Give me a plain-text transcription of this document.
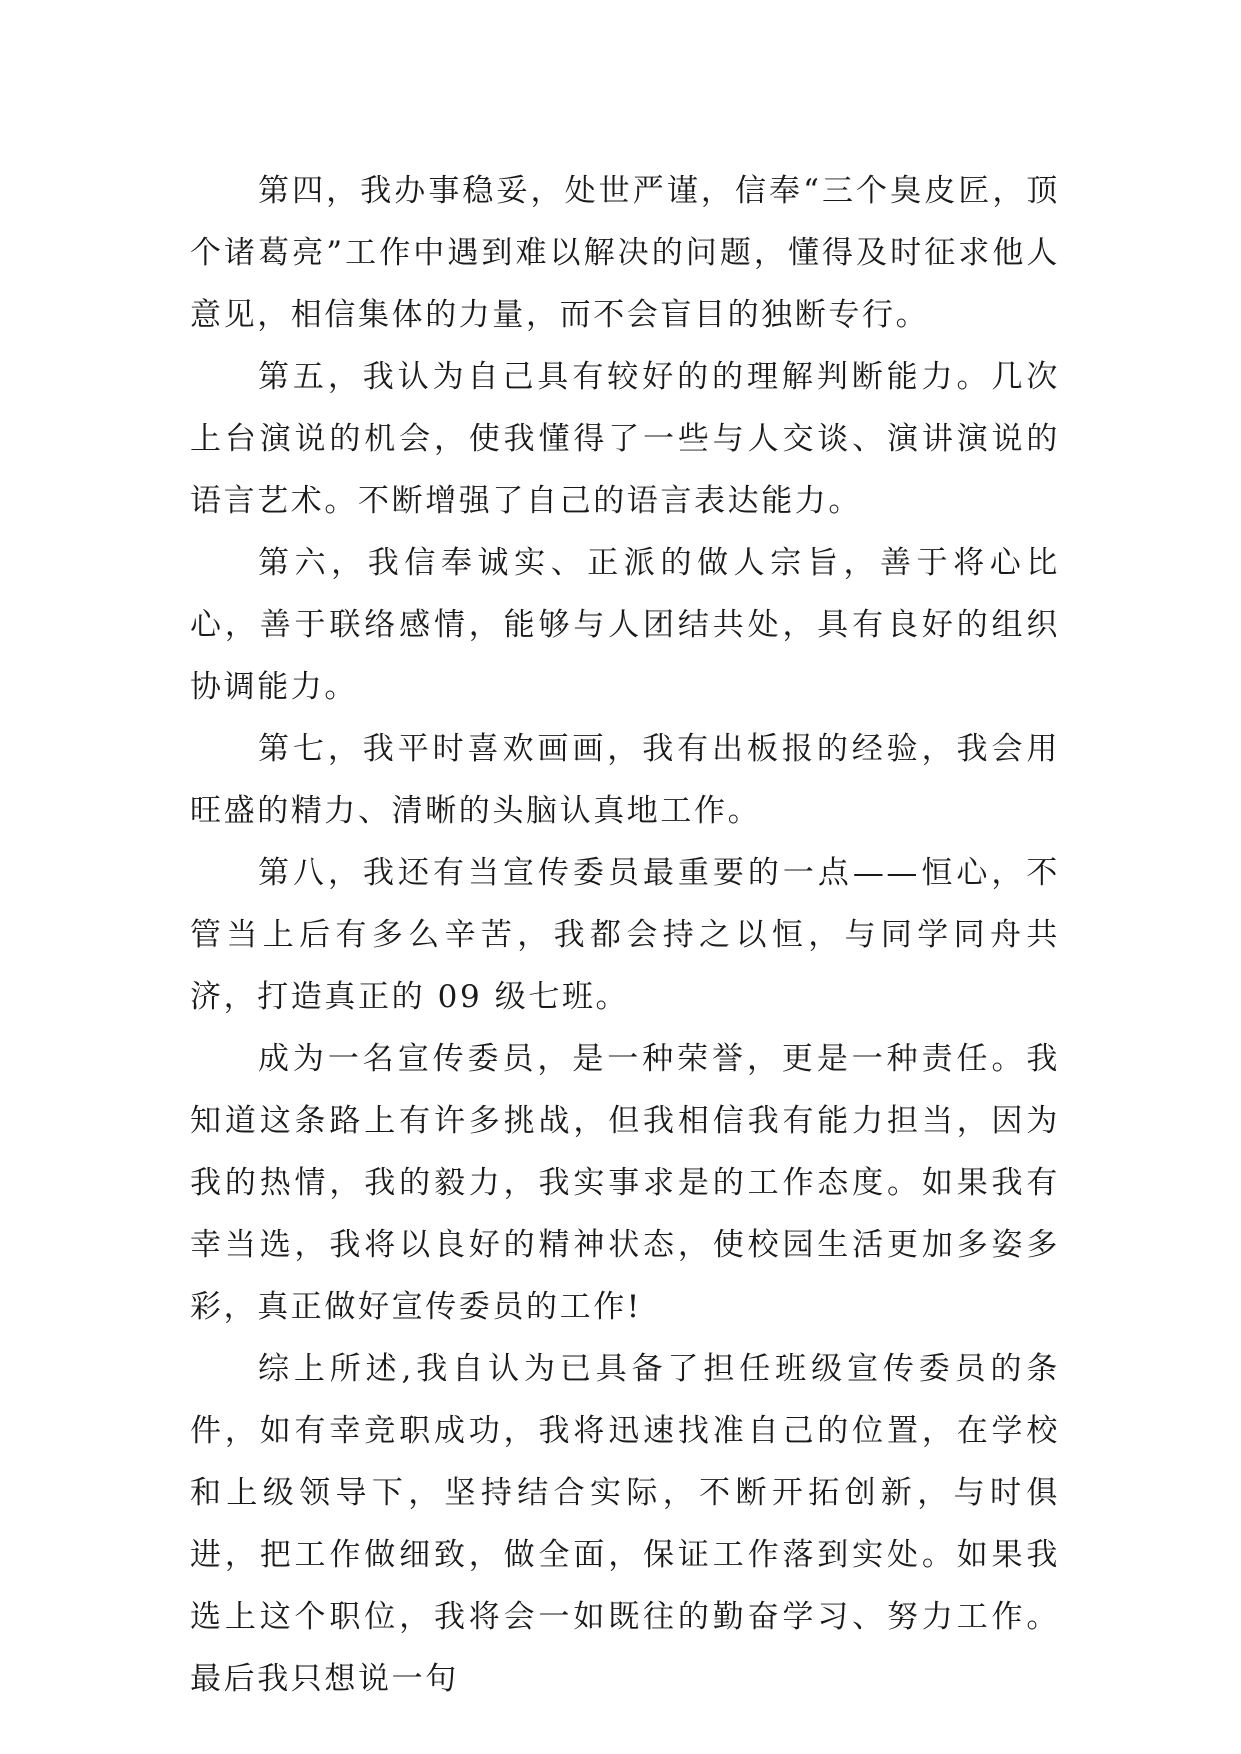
第四，我办事稳妥，处世严谨，信奉“三个臭皮匠，顶个诸葛亮”工作中遇到难以解决的问题，懂得及时征求他人意见，相信集体的力量，而不会盲目的独断专行。

第五，我认为自己具有较好的的理解判断能力。几次上台演说的机会，使我懂得了一些与人交谈、演讲演说的语言艺术。不断增强了自己的语言表达能力。

第六，我信奉诚实、正派的做人宗旨，善于将心比心，善于联络感情，能够与人团结共处，具有良好的组织协调能力。

第七，我平时喜欢画画，我有出板报的经验，我会用旺盛的精力、清晰的头脑认真地工作。

第八，我还有当宣传委员最重要的一点——恒心，不管当上后有多么辛苦，我都会持之以恒，与同学同舟共济，打造真正的 09 级七班。

成为一名宣传委员，是一种荣誉，更是一种责任。我知道这条路上有许多挑战，但我相信我有能力担当，因为我的热情，我的毅力，我实事求是的工作态度。如果我有幸当选，我将以良好的精神状态，使校园生活更加多姿多彩，真正做好宣传委员的工作!

综上所述,我自认为已具备了担任班级宣传委员的条件，如有幸竞职成功，我将迅速找准自己的位置，在学校和上级领导下，坚持结合实际，不断开拓创新，与时俱进，把工作做细致，做全面，保证工作落到实处。如果我选上这个职位，我将会一如既往的勤奋学习、努力工作。最后我只想说一句
